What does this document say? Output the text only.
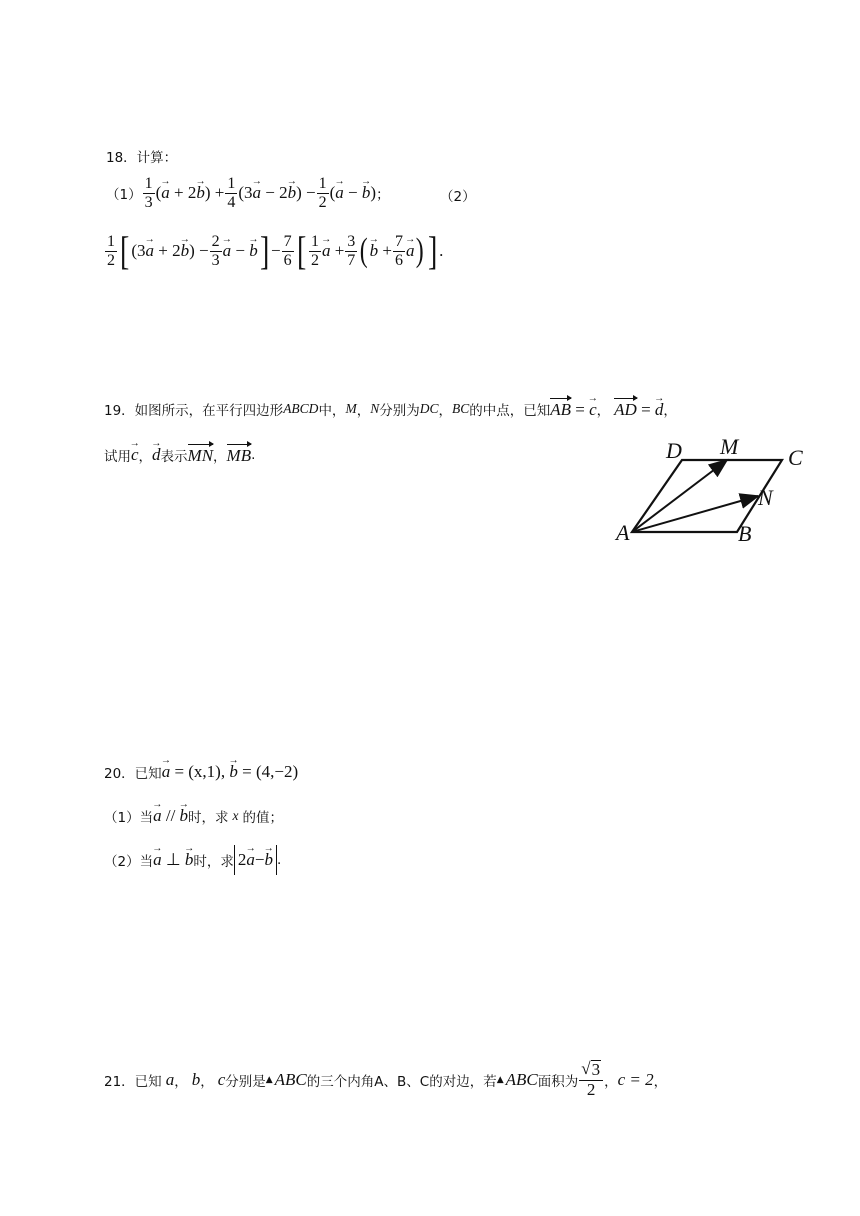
18．计算：
$(1) \frac{1}{3}$ (→ $a + 2\to b) + \frac{1}{4} (3\to a - 2\to b) - \frac{1}{2}$ (→ a − → b) ；	（2）
$\frac{1}{2}$ [ $(3\to a + 2\to b) - \frac{2}{3}$
→ a − → b ] − $\frac{7}{6}$ [ $\frac{1}{2}$
→ $a + \frac{3}{7}$ (
→ $b + \frac{7}{6}$
→ a ) ] .
19．如图所示，在平行四边形 ABCD 中， M ， N 分别为 DC ， BC 的中点，已知 AB = → c ， AD = → d ，
试用
→ c ，
→ d 表示 MN ， MB .
A	B
C
D M
N
20．已知
→ a = (x,1), → b = (4,−2)
（1）当
→ a // → b 时，求 x 的值；
（2）当
→ a ⊥ → b 时，求 2
→ a −
→ b .
21．已知 a ， b ， c 分别是 ▲ ABC 的三个内角 A、B、C 的对边，若 ▲ ABC 面积为 $\frac{√ 3}{2}$ ， c = 2 ，
